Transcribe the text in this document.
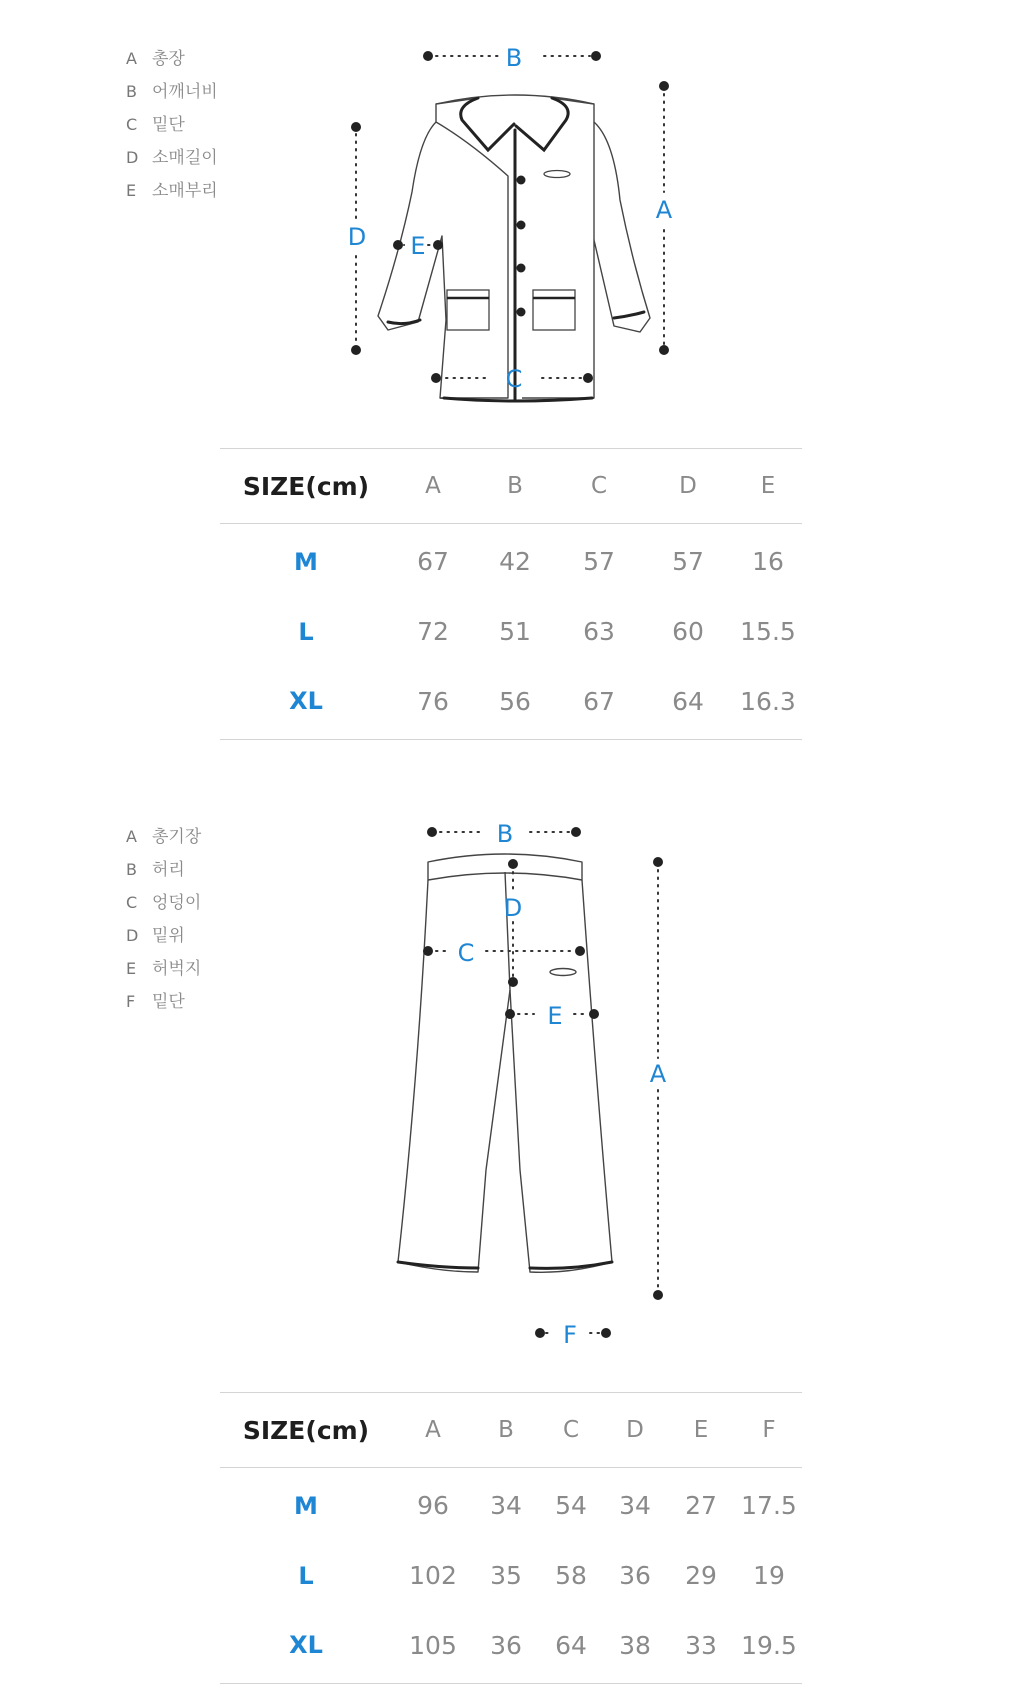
A 총장
B 어깨너비
C 밑단
D 소매길이
E 소매부리
B
A
D E
C
SIZE(cm)	A	B	C	D	E
M	67	42	57	57	16
L	72	51	63	60	15.5
XL	76	56	67	64	16.3
A 총기장
B 허리
C 엉덩이
D 밑위
E 허벅지
F 밑단
B
D
C
E
A
F
SIZE(cm)	A	B	C	D	E	F
M	96	34	54	34	27	17.5
L	102	35	58	36	29	19
XL	105	36	64	38	33	19.5
